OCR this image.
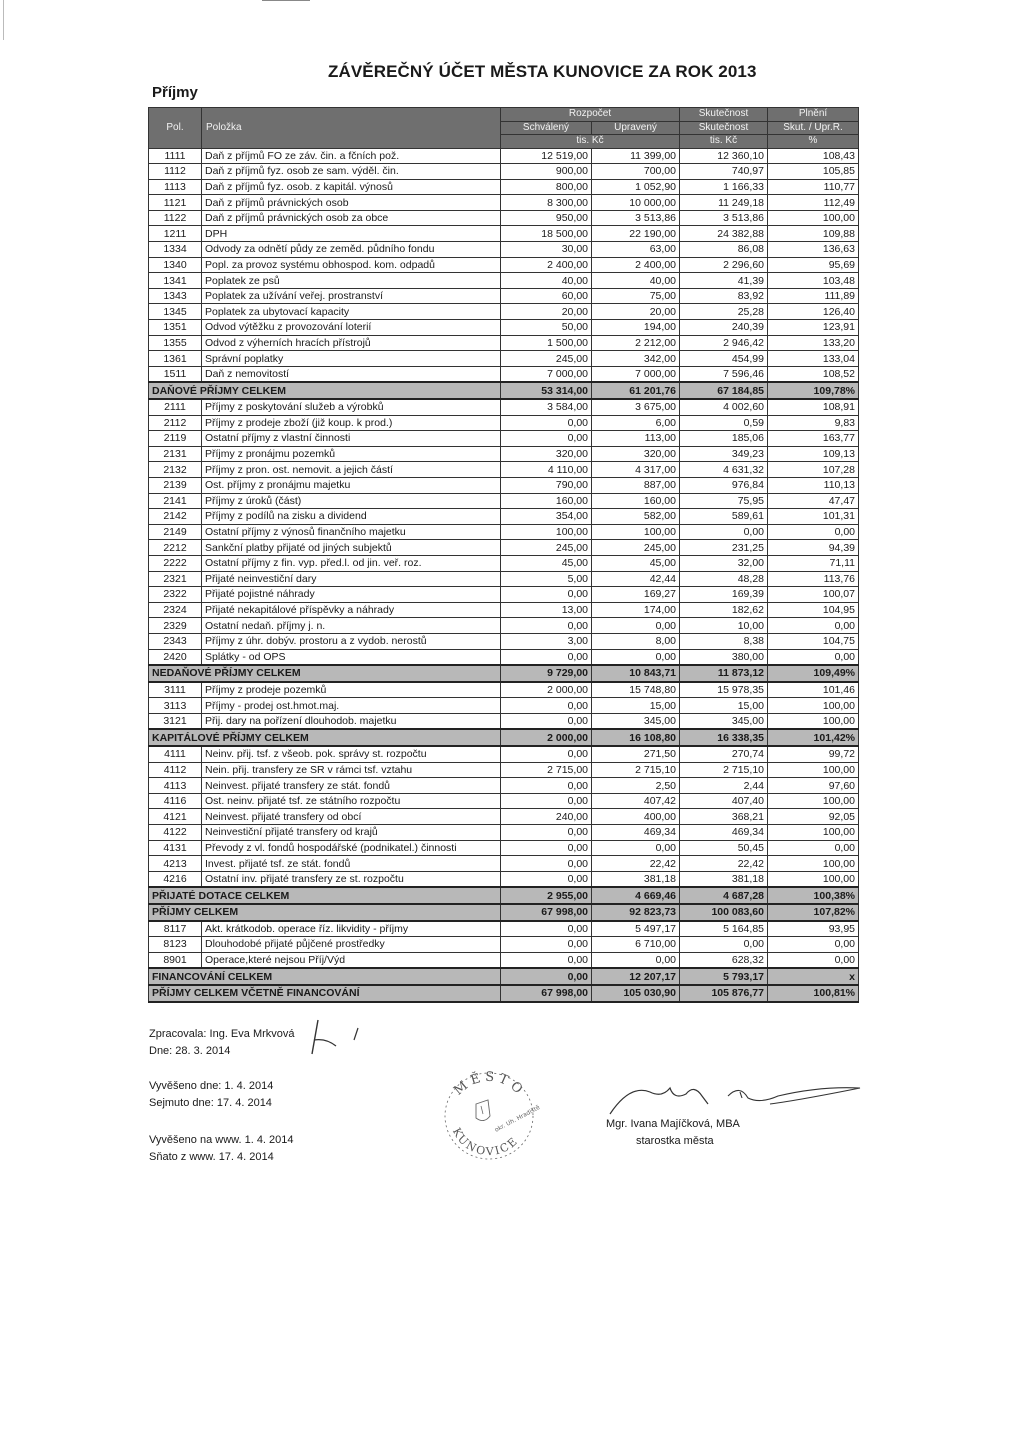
ZÁVĚREČNÝ ÚČET MĚSTA KUNOVICE ZA ROK 2013
Příjmy
Pol.	Položka	Rozpočet		Skutečnost	Plnění
		Schválený	Upravený	Skutečnost	Skut. / Upr.R.
		tis. Kč		tis. Kč	%
1111	Daň z příjmů FO ze záv. čin. a fčních pož.	12 519,00	11 399,00	12 360,10	108,43
1112	Daň z příjmů fyz. osob ze sam. výděl. čin.	900,00	700,00	740,97	105,85
1113	Daň z příjmů fyz. osob. z kapitál. výnosů	800,00	1 052,90	1 166,33	110,77
1121	Daň z příjmů právnických osob	8 300,00	10 000,00	11 249,18	112,49
1122	Daň z příjmů právnických osob za obce	950,00	3 513,86	3 513,86	100,00
1211	DPH	18 500,00	22 190,00	24 382,88	109,88
1334	Odvody za odnětí půdy ze zeměd. půdního fondu	30,00	63,00	86,08	136,63
1340	Popl. za provoz systému obhospod. kom. odpadů	2 400,00	2 400,00	2 296,60	95,69
1341	Poplatek ze psů	40,00	40,00	41,39	103,48
1343	Poplatek za užívání veřej. prostranství	60,00	75,00	83,92	111,89
1345	Poplatek za ubytovací kapacity	20,00	20,00	25,28	126,40
1351	Odvod výtěžku z provozování loterií	50,00	194,00	240,39	123,91
1355	Odvod z výherních hracích přístrojů	1 500,00	2 212,00	2 946,42	133,20
1361	Správní poplatky	245,00	342,00	454,99	133,04
1511	Daň z nemovitostí	7 000,00	7 000,00	7 596,46	108,52
DAŇOVÉ PŘÍJMY CELKEM		53 314,00	61 201,76	67 184,85	109,78%
2111	Příjmy z poskytování služeb a výrobků	3 584,00	3 675,00	4 002,60	108,91
2112	Příjmy z prodeje zboží (již koup. k prod.)	0,00	6,00	0,59	9,83
2119	Ostatní příjmy z vlastní činnosti	0,00	113,00	185,06	163,77
2131	Příjmy z pronájmu pozemků	320,00	320,00	349,23	109,13
2132	Příjmy z pron. ost. nemovit. a jejich částí	4 110,00	4 317,00	4 631,32	107,28
2139	Ost. příjmy z pronájmu majetku	790,00	887,00	976,84	110,13
2141	Příjmy z úroků (část)	160,00	160,00	75,95	47,47
2142	Příjmy z podílů na zisku a dividend	354,00	582,00	589,61	101,31
2149	Ostatní příjmy z výnosů finančního majetku	100,00	100,00	0,00	0,00
2212	Sankční platby přijaté od jiných subjektů	245,00	245,00	231,25	94,39
2222	Ostatní příjmy z fin. vyp. před.l. od jin. veř. roz.	45,00	45,00	32,00	71,11
2321	Přijaté neinvestiční dary	5,00	42,44	48,28	113,76
2322	Přijaté pojistné náhrady	0,00	169,27	169,39	100,07
2324	Přijaté nekapitálové příspěvky a náhrady	13,00	174,00	182,62	104,95
2329	Ostatní nedaň. příjmy j. n.	0,00	0,00	10,00	0,00
2343	Příjmy z úhr. dobýv. prostoru a z vydob. nerostů	3,00	8,00	8,38	104,75
2420	Splátky - od OPS	0,00	0,00	380,00	0,00
NEDAŇOVÉ PŘÍJMY CELKEM		9 729,00	10 843,71	11 873,12	109,49%
3111	Příjmy z prodeje pozemků	2 000,00	15 748,80	15 978,35	101,46
3113	Příjmy - prodej ost.hmot.maj.	0,00	15,00	15,00	100,00
3121	Přij. dary na pořízení dlouhodob. majetku	0,00	345,00	345,00	100,00
KAPITÁLOVÉ PŘÍJMY CELKEM		2 000,00	16 108,80	16 338,35	101,42%
4111	Neinv. přij. tsf. z všeob. pok. správy st. rozpočtu	0,00	271,50	270,74	99,72
4112	Nein. přij. transfery ze SR v rámci tsf. vztahu	2 715,00	2 715,10	2 715,10	100,00
4113	Neinvest. přijaté transfery ze stát. fondů	0,00	2,50	2,44	97,60
4116	Ost. neinv. přijaté tsf. ze státního rozpočtu	0,00	407,42	407,40	100,00
4121	Neinvest. přijaté transfery od obcí	240,00	400,00	368,21	92,05
4122	Neinvestiční přijaté transfery od krajů	0,00	469,34	469,34	100,00
4131	Převody z vl. fondů hospodářské (podnikatel.) činnosti	0,00	0,00	50,45	0,00
4213	Invest. přijaté tsf. ze stát. fondů	0,00	22,42	22,42	100,00
4216	Ostatní inv. přijaté transfery ze st. rozpočtu	0,00	381,18	381,18	100,00
PŘIJATÉ DOTACE CELKEM		2 955,00	4 669,46	4 687,28	100,38%
PŘÍJMY CELKEM		67 998,00	92 823,73	100 083,60	107,82%
8117	Akt. krátkodob. operace říz. likvidity - příjmy	0,00	5 497,17	5 164,85	93,95
8123	Dlouhodobé přijaté půjčené prostředky	0,00	6 710,00	0,00	0,00
8901	Operace,které nejsou Příj/Výd	0,00	0,00	628,32	0,00
FINANCOVÁNÍ CELKEM		0,00	12 207,17	5 793,17	x
PŘÍJMY CELKEM VČETNĚ FINANCOVÁNÍ		67 998,00	105 030,90	105 876,77	100,81%
Zpracovala: Ing. Eva Mrkvová
Dne: 28. 3. 2014
Vyvěšeno dne: 1. 4. 2014
Sejmuto dne: 17. 4. 2014
Vyvěšeno na www. 1. 4. 2014
Sňato z www. 17. 4. 2014
MĚSTO
KUNOVICE
okr. Uh. Hradiště	Mgr. Ivana Majíčková, MBA
starostka města
